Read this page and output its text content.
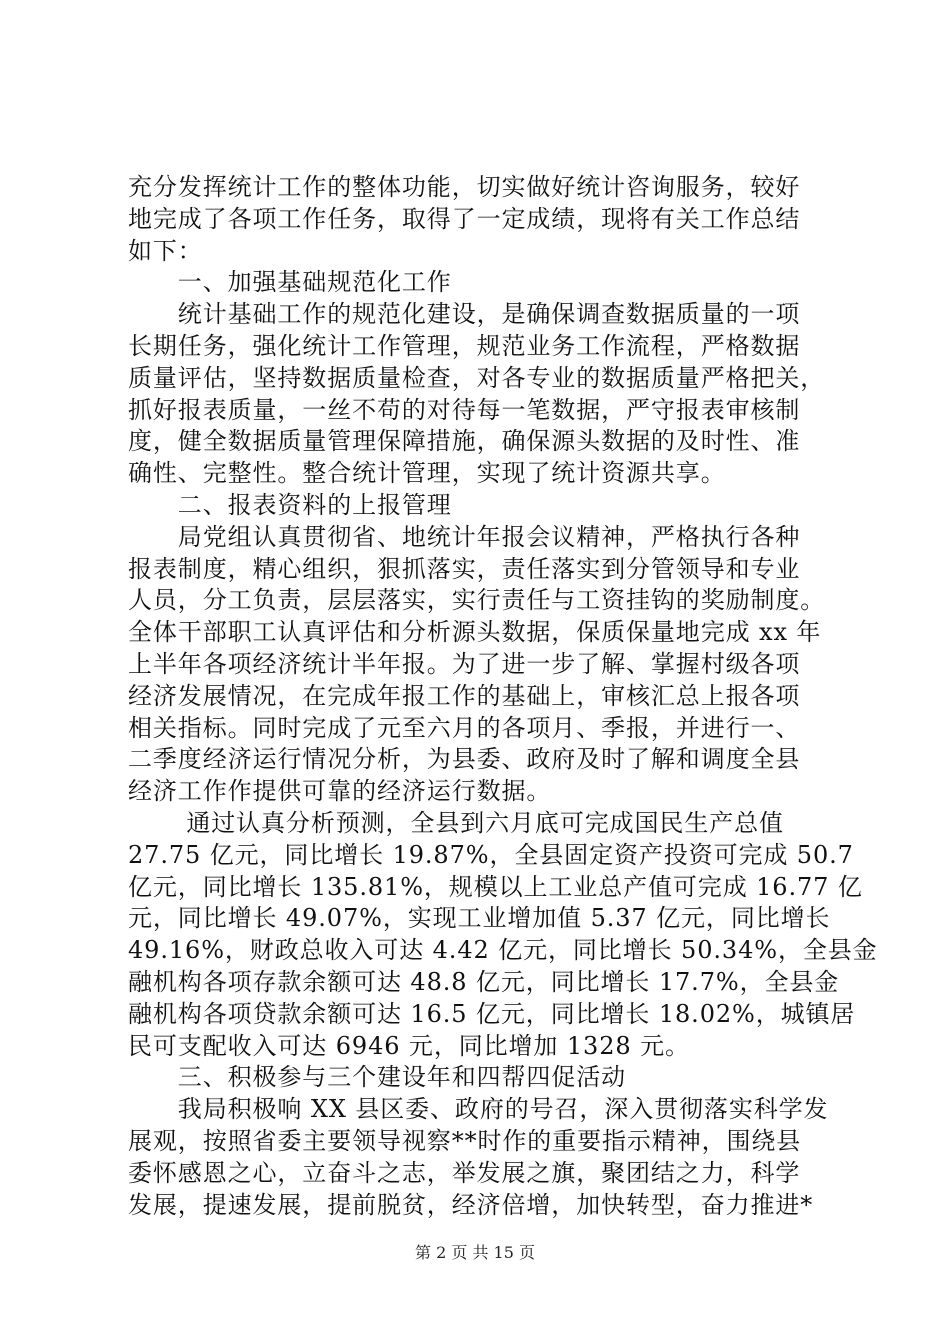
充分发挥统计工作的整体功能，切实做好统计咨询服务，较好
地完成了各项工作任务，取得了一定成绩，现将有关工作总结
如下：
　　一、加强基础规范化工作
　　统计基础工作的规范化建设，是确保调查数据质量的一项
长期任务，强化统计工作管理，规范业务工作流程，严格数据
质量评估，坚持数据质量检查，对各专业的数据质量严格把关，
抓好报表质量，一丝不苟的对待每一笔数据，严守报表审核制
度，健全数据质量管理保障措施，确保源头数据的及时性、准
确性、完整性。整合统计管理，实现了统计资源共享。
　　二、报表资料的上报管理
　　局党组认真贯彻省、地统计年报会议精神，严格执行各种
报表制度，精心组织，狠抓落实，责任落实到分管领导和专业
人员，分工负责，层层落实，实行责任与工资挂钩的奖励制度。
全体干部职工认真评估和分析源头数据，保质保量地完成 xx 年
上半年各项经济统计半年报。为了进一步了解、掌握村级各项
经济发展情况，在完成年报工作的基础上，审核汇总上报各项
相关指标。同时完成了元至六月的各项月、季报，并进行一、
二季度经济运行情况分析，为县委、政府及时了解和调度全县
经济工作作提供可靠的经济运行数据。
　　 通过认真分析预测，全县到六月底可完成国民生产总值
27.75 亿元，同比增长 19.87%，全县固定资产投资可完成 50.7
亿元，同比增长 135.81%，规模以上工业总产值可完成 16.77 亿
元，同比增长 49.07%，实现工业增加值 5.37 亿元，同比增长
49.16%，财政总收入可达 4.42 亿元，同比增长 50.34%，全县金
融机构各项存款余额可达 48.8 亿元，同比增长 17.7%，全县金
融机构各项贷款余额可达 16.5 亿元，同比增长 18.02%，城镇居
民可支配收入可达 6946 元，同比增加 1328 元。
　　三、积极参与三个建设年和四帮四促活动
　　我局积极响 XX 县区委、政府的号召，深入贯彻落实科学发
展观，按照省委主要领导视察**时作的重要指示精神，围绕县
委怀感恩之心，立奋斗之志，举发展之旗，聚团结之力，科学
发展，提速发展，提前脱贫，经济倍增，加快转型，奋力推进*
第 2 页 共 15 页
